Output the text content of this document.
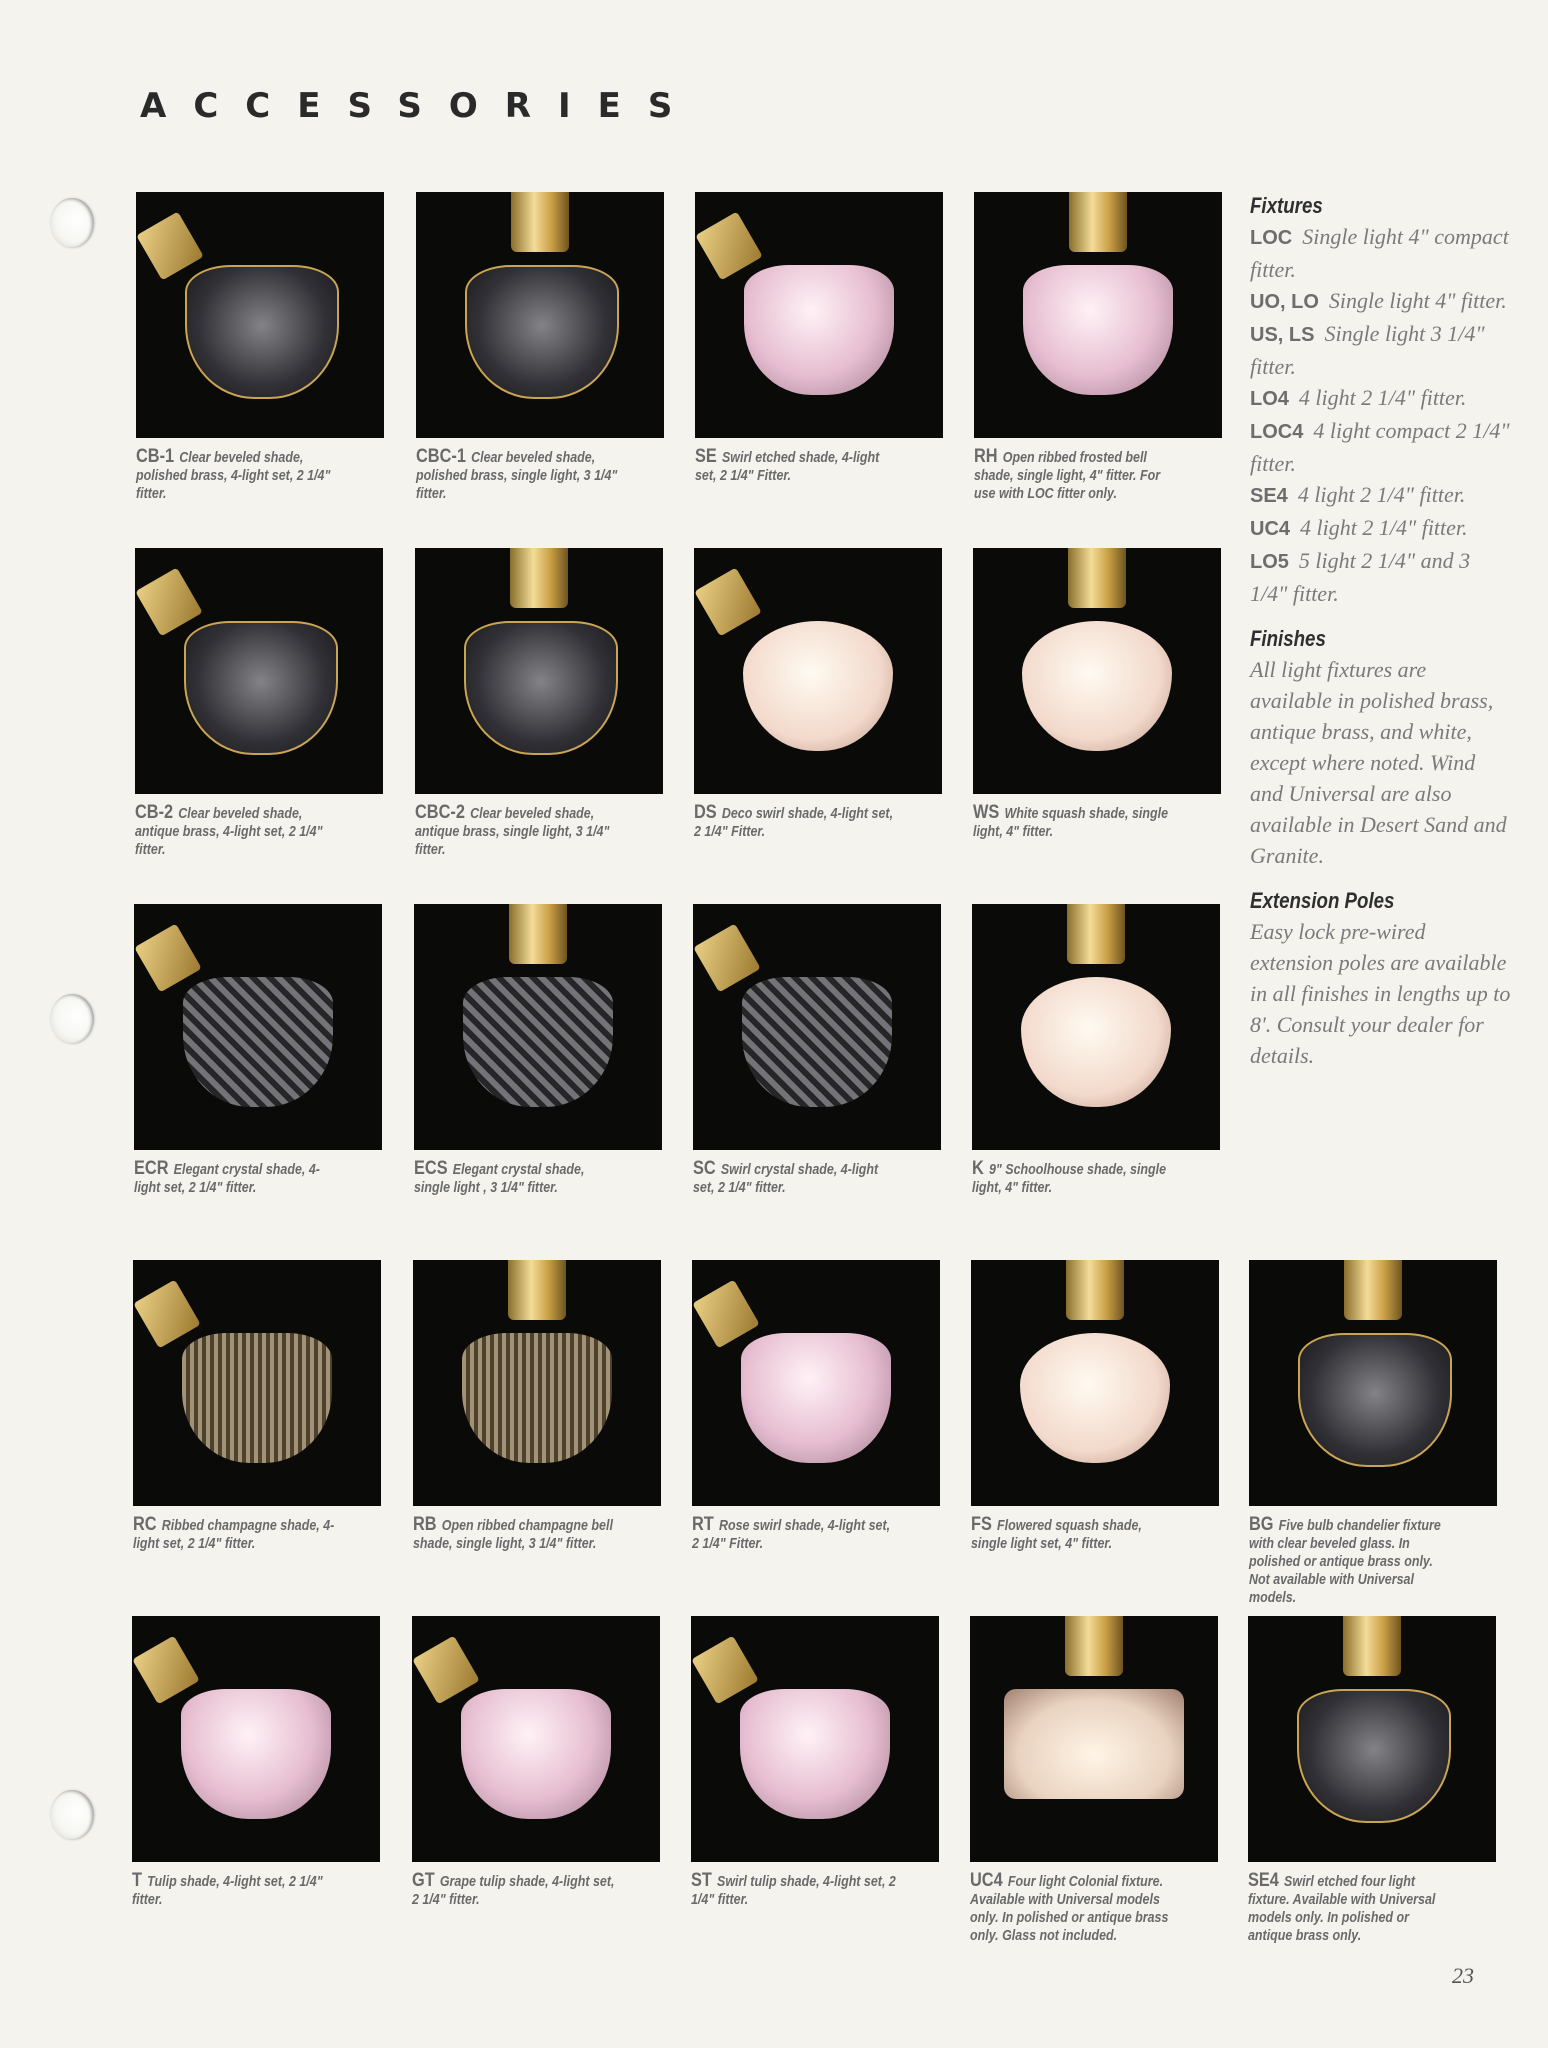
ACCESSORIES
CB-1 Clear beveled shade, polished brass, 4-light set, 2 1/4" fitter.
CBC-1 Clear beveled shade, polished brass, single light, 3 1/4" fitter.
SE Swirl etched shade, 4-light set, 2 1/4" Fitter.
RH Open ribbed frosted bell shade, single light, 4" fitter. For use with LOC fitter only.
CB-2 Clear beveled shade, antique brass, 4-light set, 2 1/4" fitter.
CBC-2 Clear beveled shade, antique brass, single light, 3 1/4" fitter.
DS Deco swirl shade, 4-light set, 2 1/4" Fitter.
WS White squash shade, single light, 4" fitter.
ECR Elegant crystal shade, 4-light set, 2 1/4" fitter.
ECS Elegant crystal shade, single light , 3 1/4" fitter.
SC Swirl crystal shade, 4-light set, 2 1/4" fitter.
K 9" Schoolhouse shade, single light, 4" fitter.
RC Ribbed champagne shade, 4-light set, 2 1/4" fitter.
RB Open ribbed champagne bell shade, single light, 3 1/4" fitter.
RT Rose swirl shade, 4-light set, 2 1/4" Fitter.
FS Flowered squash shade, single light set, 4" fitter.
BG Five bulb chandelier fixture with clear beveled glass. In polished or antique brass only. Not available with Universal models.
T Tulip shade, 4-light set, 2 1/4" fitter.
GT Grape tulip shade, 4-light set, 2 1/4" fitter.
ST Swirl tulip shade, 4-light set, 2 1/4" fitter.
UC4 Four light Colonial fixture. Available with Universal models only. In polished or antique brass only. Glass not included.
SE4 Swirl etched four light fixture. Available with Universal models only. In polished or antique brass only.
Fixtures

LOC Single light 4" compact fitter.

UO, LO Single light 4" fitter.

US, LS Single light 3 1/4" fitter.

LO4 4 light 2 1/4" fitter.

LOC4 4 light compact 2 1/4" fitter.

SE4 4 light 2 1/4" fitter.

UC4 4 light 2 1/4" fitter.

LO5 5 light 2 1/4" and 3 1/4" fitter.

Finishes

All light fixtures are available in polished brass, antique brass, and white, except where noted. Wind and Universal are also available in Desert Sand and Granite.

Extension Poles

Easy lock pre-wired extension poles are available in all finishes in lengths up to 8'. Consult your dealer for details.

23
